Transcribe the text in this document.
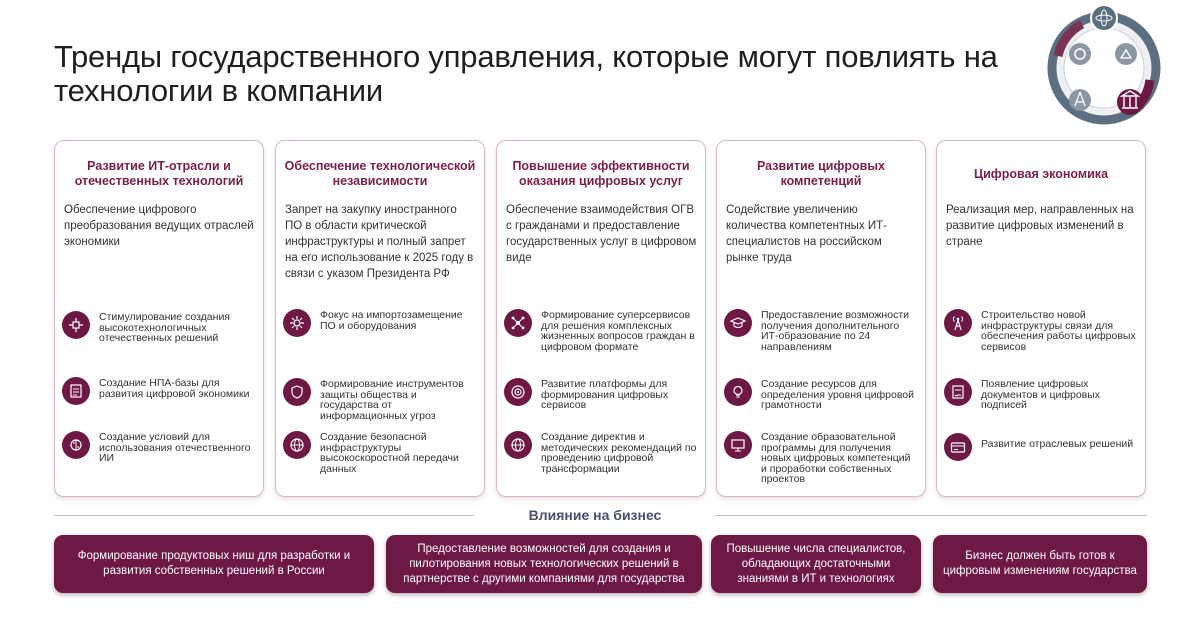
Тренды государственного управления, которые могут повлиять на технологии в компании
Развитие ИТ-отрасли и отечественных технологий
Обеспечение цифрового преобразования ведущих отраслей экономики
Стимулирование создания высокотехнологичных отечественных решений
Создание НПА-базы для развития цифровой экономики
Создание условий для использования отечественного ИИ
Обеспечение технологической независимости
Запрет на закупку иностранного ПО в области критической инфраструктуры и полный запрет на его использование к 2025 году в связи с указом Президента РФ
Фокус на импортозамещение ПО и оборудования
Формирование инструментов защиты общества и государства от информационных угроз
Создание безопасной инфраструктуры высокоскоростной передачи данных
Повышение эффективности оказания цифровых услуг
Обеспечение взаимодействия ОГВ с гражданами и предоставление государственных услуг в цифровом виде
Формирование суперсервисов для решения комплексных жизненных вопросов граждан в цифровом формате
Развитие платформы для формирования цифровых сервисов
Создание директив и методических рекомендаций по проведению цифровой трансформации
Развитие цифровых компетенций
Содействие увеличению количества компетентных ИТ-специалистов на российском рынке труда
Предоставление возможности получения дополнительного ИТ-образование по 24 направлениям
Создание ресурсов для определения уровня цифровой грамотности
Создание образовательной программы для получения новых цифровых компетенций и проработки собственных проектов
Цифровая экономика
Реализация мер, направленных на развитие цифровых изменений в стране
Строительство новой инфраструктуры связи для обеспечения работы цифровых сервисов
Появление цифровых документов и цифровых подписей
Развитие отраслевых решений
Влияние на бизнес
Формирование продуктовых ниш для разработки и развития собственных решений в России
Предоставление возможностей для создания и пилотирования новых технологических решений в партнерстве с другими компаниями для государства
Повышение числа специалистов, обладающих достаточными знаниями в ИТ и технологиях
Бизнес должен быть готов к цифровым изменениям государства
